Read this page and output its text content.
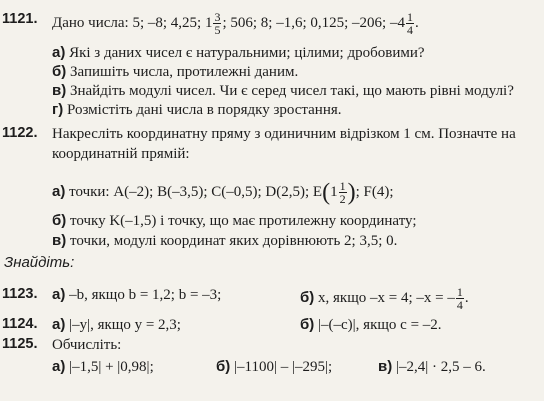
1121. Дано числа: 5; –8; 4,25; $1 \frac{3}{5}$ ; 506; 8; –1,6; 0,125; –206; $-4 \frac{1}{4}$ .
а) Які з даних чисел є натуральними; цілими; дробовими?
б) Запишіть числа, протилежні даним.
в) Знайдіть модулі чисел. Чи є серед чисел такі, що мають рівні модулі?
г) Розмістіть дані числа в порядку зростання.
1122. Накресліть координатну пряму з одиничним відрізком 1 см. Позначте на
координатній прямій:
а) точки: A(–2); B(–3,5); C(–0,5); D(2,5); $E(1 \frac{1}{2}$ ); F(4);
б) точку K(–1,5) і точку, що має протилежну координату;
в) точки, модулі координат яких дорівнюють 2; 3,5; 0.
Знайдіть:
1123. а) –b, якщо b = 1,2; b = –3;	б) x, якщо –x = 4; –x = – $\frac{1}{4}$ .
1124. а) |–y|, якщо y = 2,3;	б) |–(–c)|, якщо c = –2.
1125. Обчисліть:
а) |–1,5| + |0,98|;	б) |–1100| – |–295|;	в) |–2,4| · 2,5 – 6.
